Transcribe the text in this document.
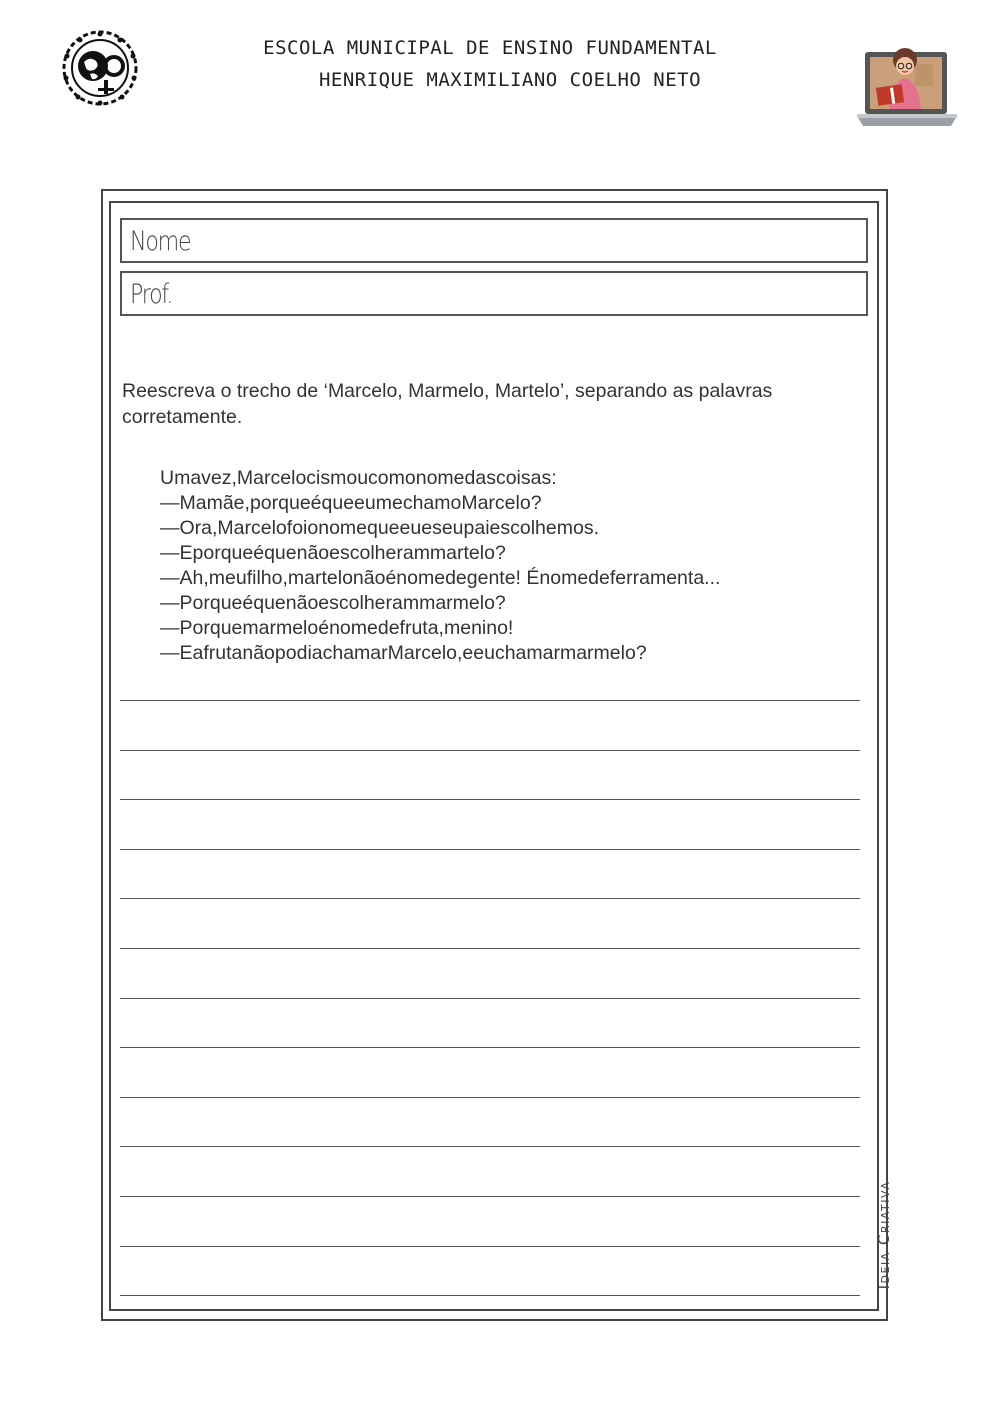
ESCOLA MUNICIPAL DE ENSINO FUNDAMENTAL
HENRIQUE MAXIMILIANO COELHO NETO
Nome
Prof.
Reescreva o trecho de ‘Marcelo, Marmelo, Martelo’, separando as palavras corretamente.
Umavez,Marcelocismoucomonomedascoisas:
—Mamãe,porqueéqueeumechamoMarcelo?
—Ora,Marcelofoionomequeeueseupaiescolhemos.
—Eporqueéquenãoescolherammartelo?
—Ah,meufilho,martelonãoénomedegente! Énomedeferramenta...
—Porqueéquenãoescolherammarmelo?
—Porquemarmeloénomedefruta,menino!
—EafrutanãopodiachamarMarcelo,eeuchamarmarmelo?
Ideia Criativa
